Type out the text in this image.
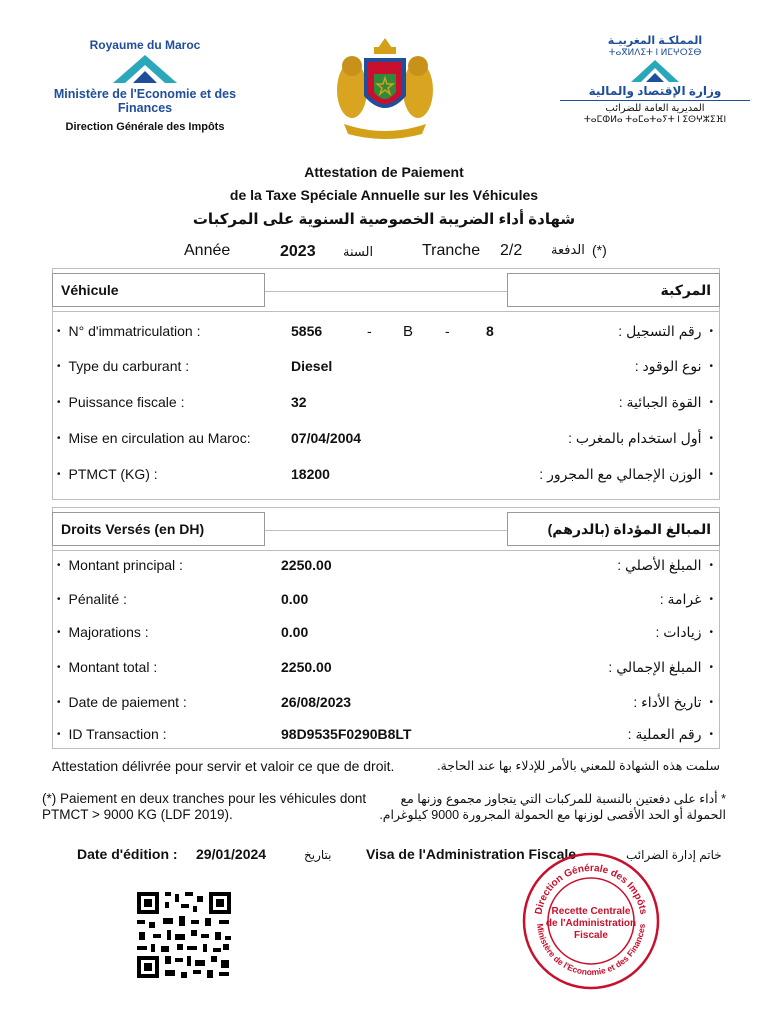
Royaume du Maroc
Ministère de l'Economie et des Finances
Direction Générale des Impôts
المملكـة المغربيـة
ⵜⴰⴳⵍⴷⵉⵜ ⵏ ⵍⵎⵖⵔⵉⴱ
وزارة الإقتصاد والمالية
المديرية العامة للضرائب
ⵜⴰⵎⵀⵍⴰ ⵜⴰⵎⴰⵜⴰⵢⵜ ⵏ ⵉⵙⵖⵣⵉⴼⵏ
Attestation de Paiement
de la Taxe Spéciale Annuelle sur les Véhicules
شهادة أداء الضريبة الخصوصية السنوية على المركبات
Année	2023 السنة	Tranche 2/2 الدفعة (*)
Véhicule	المركبة
• N° d'immatriculation :	5856	- B -	8	• رقم التسجيل :
• Type du carburant :	Diesel	• نوع الوقود :
• Puissance fiscale :	32	• القوة الجبائية :
• Mise en circulation au Maroc:	07/04/2004	• أول استخدام بالمغرب :
• PTMCT (KG) :	18200	• الوزن الإجمالي مع المجرور :
Droits Versés (en DH)	المبالغ المؤداة (بالدرهم)
• Montant principal :	2250.00	• المبلغ الأصلي :
• Pénalité :	0.00	• غرامة :
• Majorations :	0.00	• زيادات :
• Montant total :	2250.00	• المبلغ الإجمالي :
• Date de paiement :	26/08/2023	• تاريخ الأداء :
• ID Transaction :	98D9535F0290B8LT	• رقم العملية :
Attestation délivrée pour servir et valoir ce que de droit.	سلمت هذه الشهادة للمعني بالأمر للإدلاء بها عند الحاجة.
(*) Paiement en deux tranches pour les véhicules dont
PTMCT > 9000 KG (LDF 2019).
* أداء على دفعتين بالنسبة للمركبات التي يتجاوز مجموع وزنها مع
الحمولة أو الحد الأقصى لوزنها مع الحمولة المجرورة 9000 كيلوغرام.
Date d'édition : 29/01/2024	بتاريخ Visa de l'Administration Fiscale	خاتم إدارة الضرائب
Direction Générale des Impôts
Ministère de l'Economie et des Finances
Recette Centrale
de l'Administration
Fiscale
